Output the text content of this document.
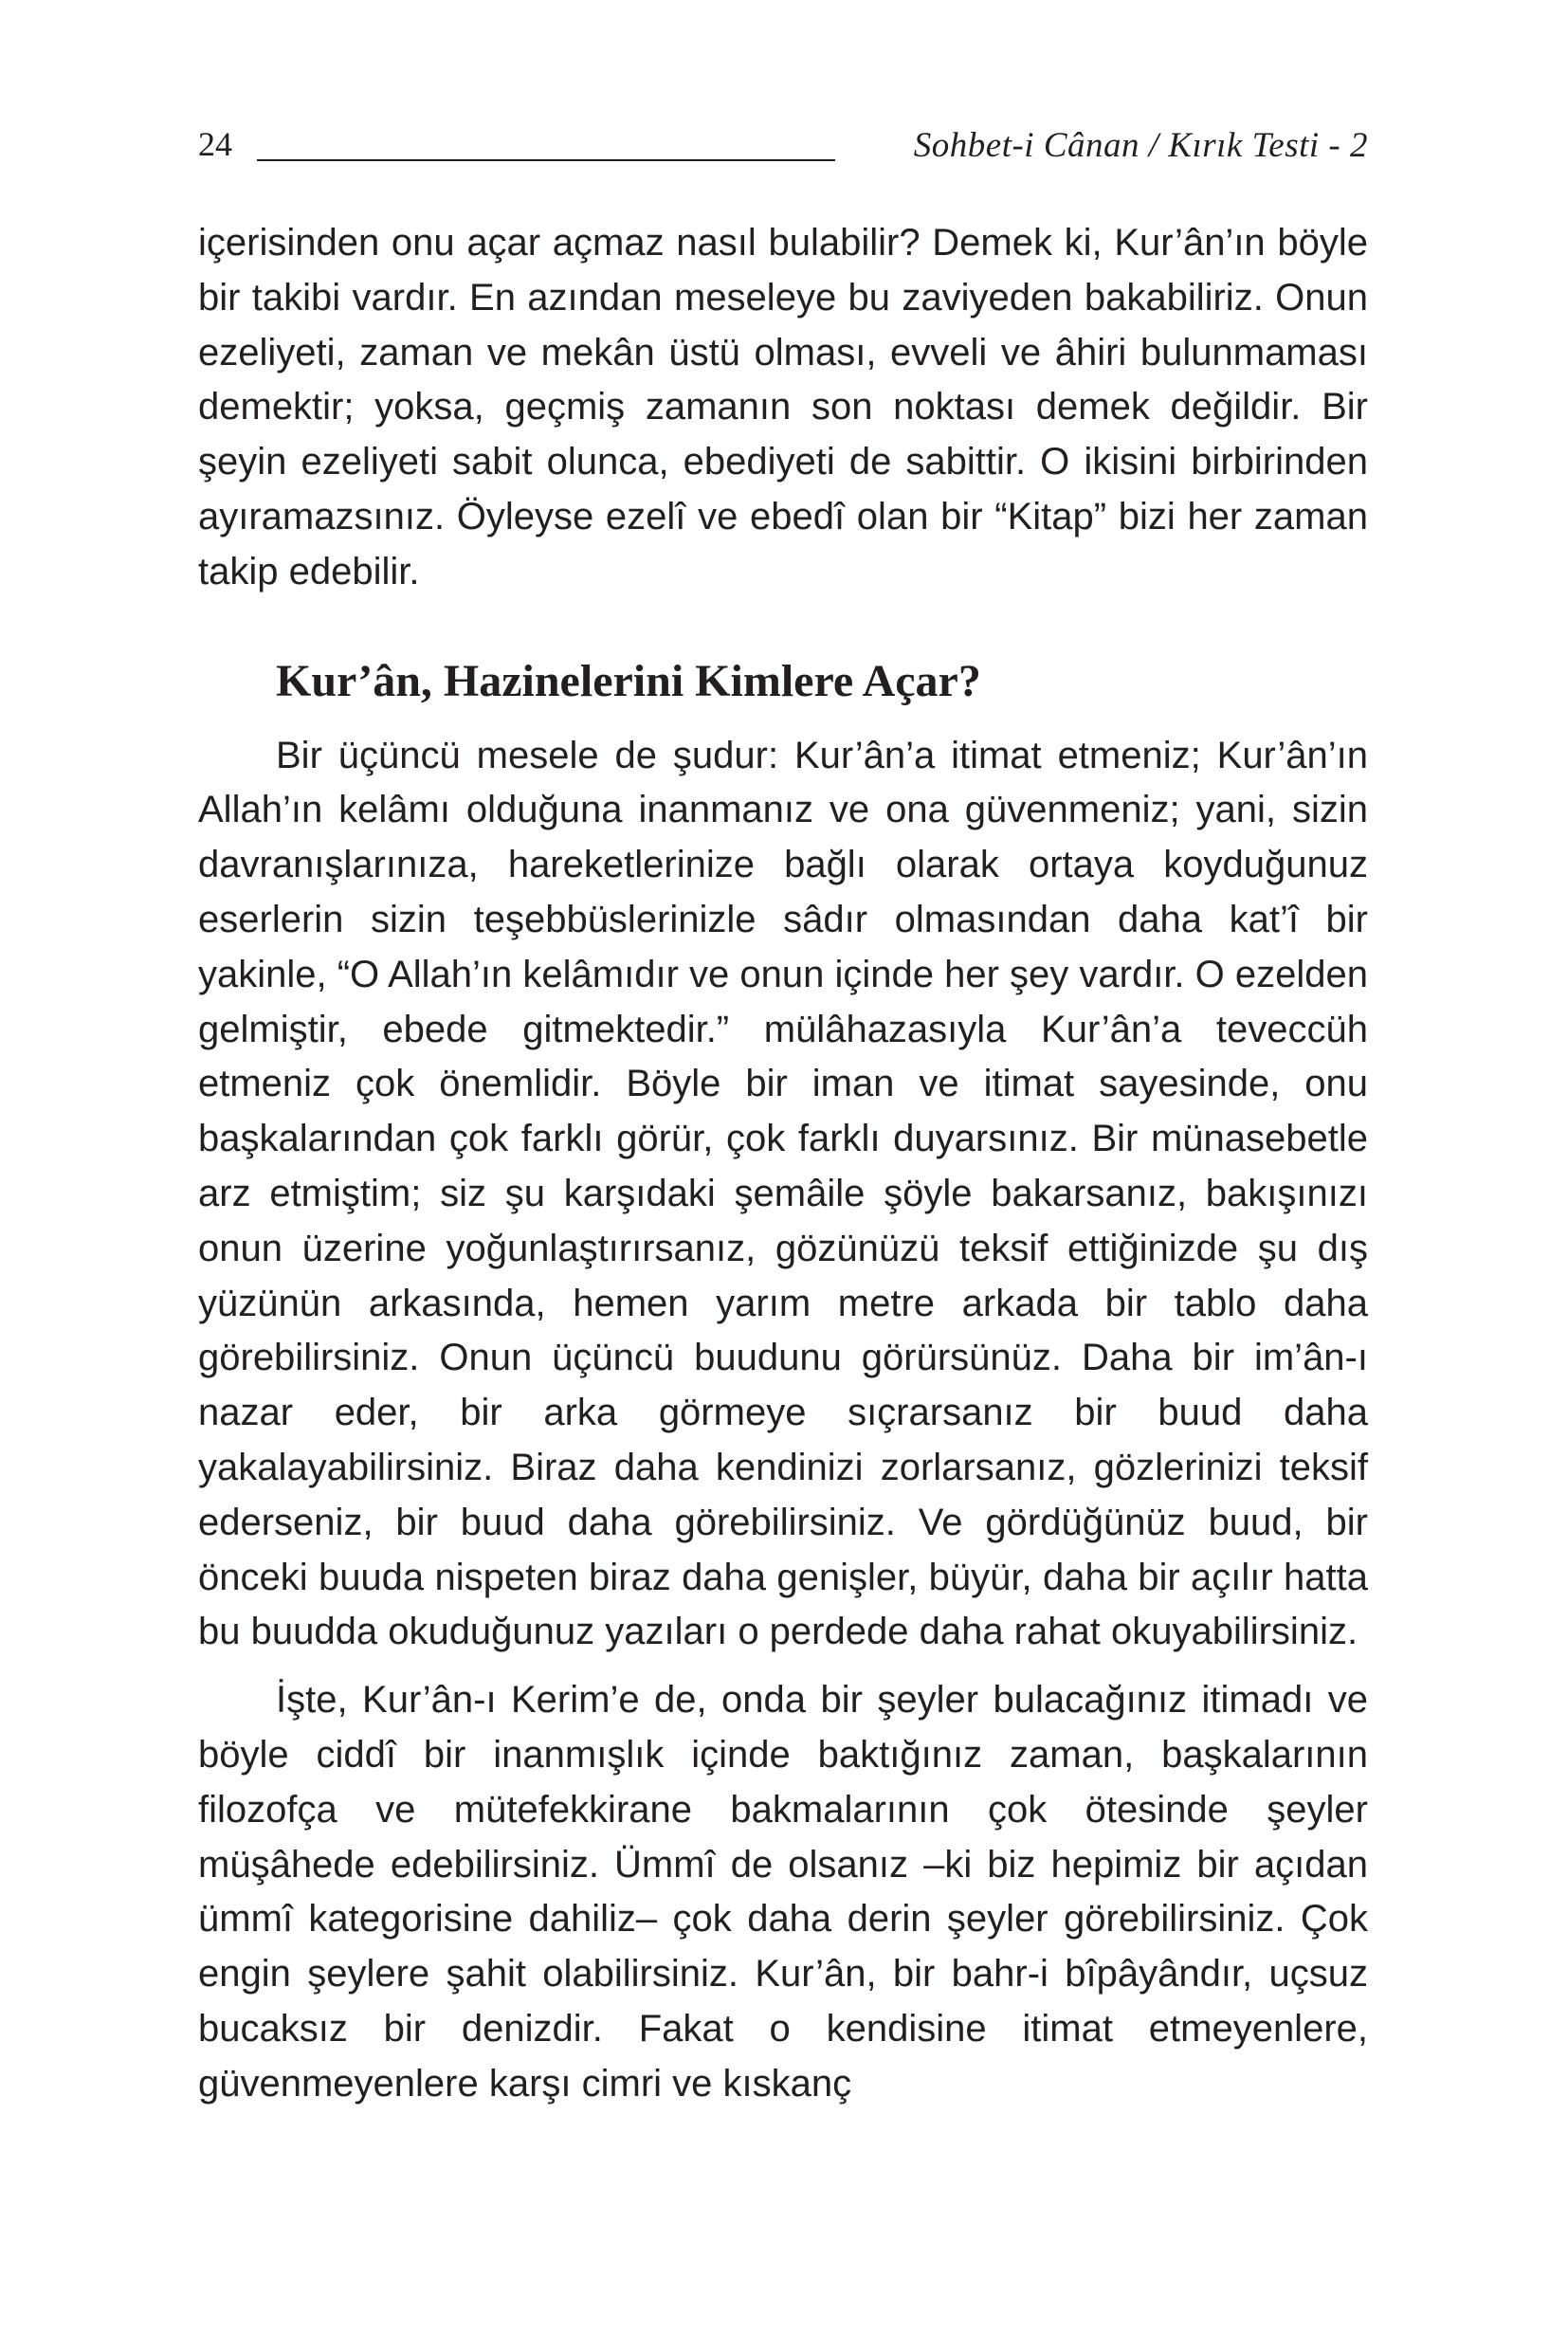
24	Sohbet-i Cânan / Kırık Testi - 2

içerisinden onu açar açmaz nasıl bulabilir? Demek ki, Kur’ân’ın böyle bir takibi vardır. En azından meseleye bu zaviyeden bakabiliriz. Onun ezeliyeti, zaman ve mekân üstü olması, evveli ve âhiri bulunmaması demektir; yoksa, geçmiş zamanın son noktası demek değildir. Bir şeyin ezeliyeti sabit olunca, ebediyeti de sabittir. O ikisini birbirinden ayıramazsınız. Öyleyse ezelî ve ebedî olan bir “Kitap” bizi her zaman takip edebilir.

Kur’ân, Hazinelerini Kimlere Açar?

Bir üçüncü mesele de şudur: Kur’ân’a itimat etmeniz; Kur’ân’ın Allah’ın kelâmı olduğuna inanmanız ve ona güvenmeniz; yani, sizin davranışlarınıza, hareketlerinize bağlı olarak ortaya koyduğunuz eserlerin sizin teşebbüslerinizle sâdır olmasından daha kat’î bir yakinle, “O Allah’ın kelâmıdır ve onun içinde her şey vardır. O ezelden gelmiştir, ebede gitmektedir.” mülâhazasıyla Kur’ân’a teveccüh etmeniz çok önemlidir. Böyle bir iman ve itimat sayesinde, onu başkalarından çok farklı görür, çok farklı duyarsınız. Bir münasebetle arz etmiştim; siz şu karşıdaki şemâile şöyle bakarsanız, bakışınızı onun üzerine yoğunlaştırırsanız, gözünüzü teksif ettiğinizde şu dış yüzünün arkasında, hemen yarım metre arkada bir tablo daha görebilirsiniz. Onun üçüncü buudunu görürsünüz. Daha bir im’ân-ı nazar eder, bir arka görmeye sıçrarsanız bir buud daha yakalayabilirsiniz. Biraz daha kendinizi zorlarsanız, gözlerinizi teksif ederseniz, bir buud daha görebilirsiniz. Ve gördüğünüz buud, bir önceki buuda nispeten biraz daha genişler, büyür, daha bir açılır hatta bu buudda okuduğunuz yazıları o perdede daha rahat okuyabilirsiniz.

İşte, Kur’ân-ı Kerim’e de, onda bir şeyler bulacağınız itimadı ve böyle ciddî bir inanmışlık içinde baktığınız zaman, başkalarının filozofça ve mütefekkirane bakmalarının çok ötesinde şeyler müşâhede edebilirsiniz. Ümmî de olsanız –ki biz hepimiz bir açıdan ümmî kategorisine dahiliz– çok daha derin şeyler görebilirsiniz. Çok engin şeylere şahit olabilirsiniz. Kur’ân, bir bahr-i bîpâyândır, uçsuz bucaksız bir denizdir. Fakat o kendisine itimat etmeyenlere, güvenmeyenlere karşı cimri ve kıskanç
